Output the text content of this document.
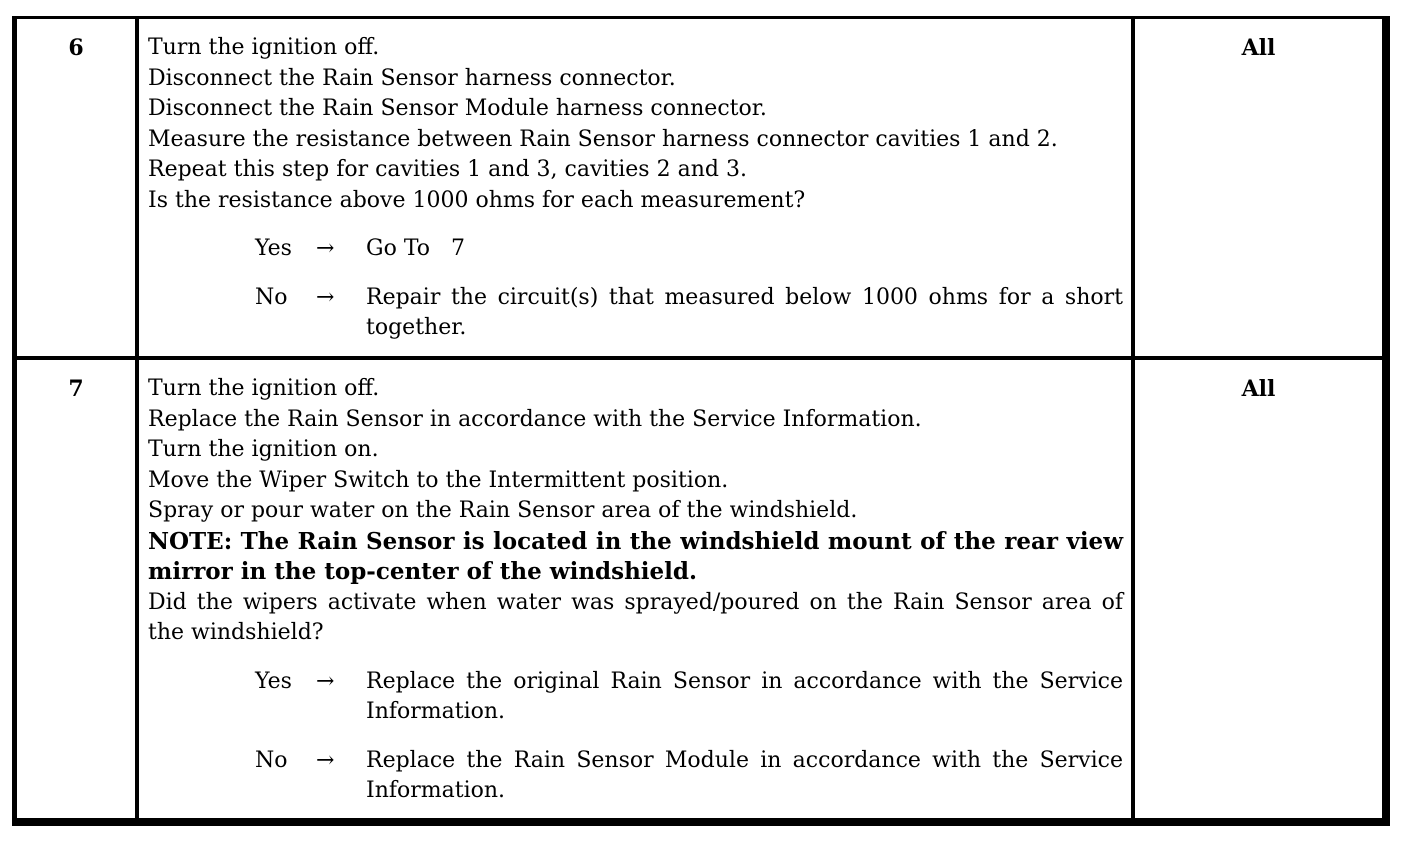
6	Turn the ignition off.
Disconnect the Rain Sensor harness connector.
Disconnect the Rain Sensor Module harness connector.
Measure the resistance between Rain Sensor harness connector cavities 1 and 2.
Repeat this step for cavities 1 and 3, cavities 2 and 3.
Is the resistance above 1000 ohms for each measurement?
Yes → Go To   7
No → Repair the circuit(s) that measured below 1000 ohms for a short together.
All
7	Turn the ignition off.
Replace the Rain Sensor in accordance with the Service Information.
Turn the ignition on.
Move the Wiper Switch to the Intermittent position.
Spray or pour water on the Rain Sensor area of the windshield.
NOTE: The Rain Sensor is located in the windshield mount of the rear view mirror in the top-center of the windshield.
Did the wipers activate when water was sprayed/poured on the Rain Sensor area of the windshield?
Yes → Replace the original Rain Sensor in accordance with the Service Information.
No → Replace the Rain Sensor Module in accordance with the Service Information.
All
